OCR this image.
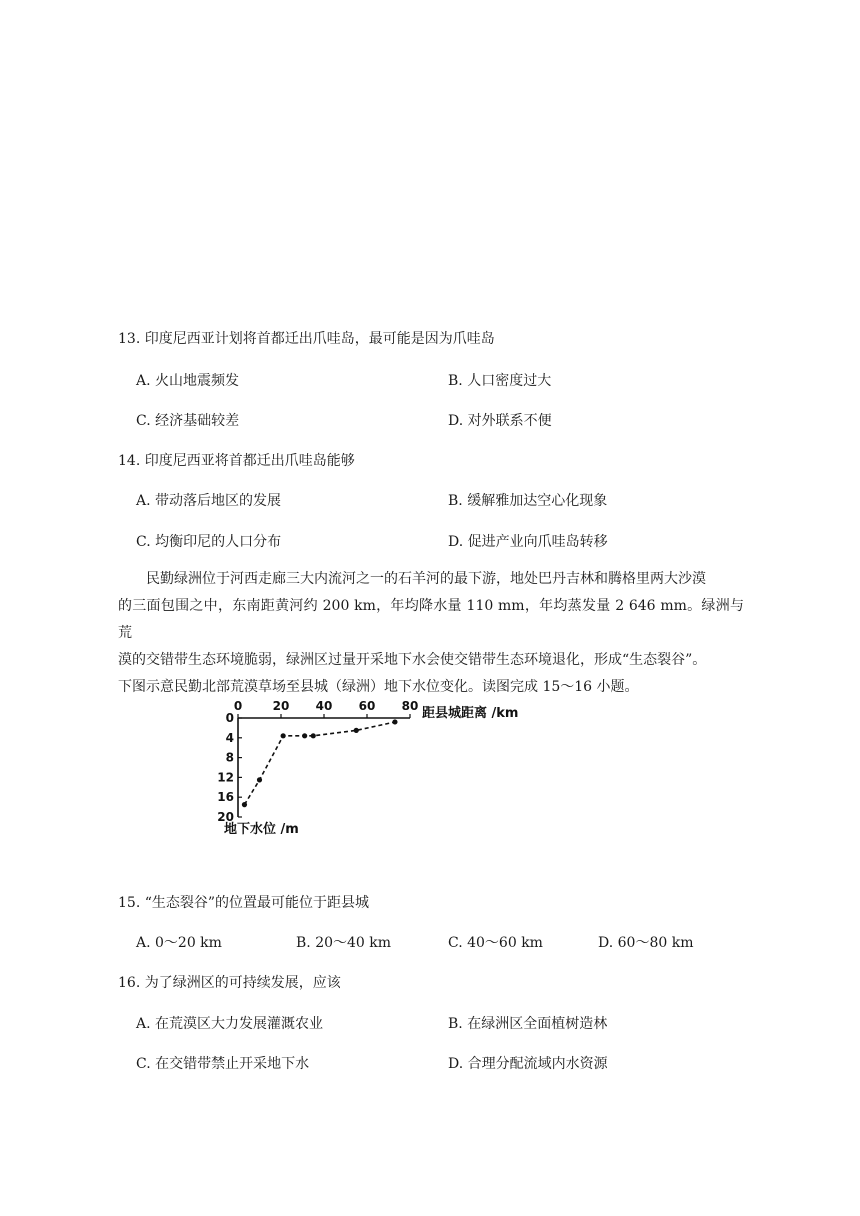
13. 印度尼西亚计划将首都迁出爪哇岛，最可能是因为爪哇岛
A. 火山地震频发	B. 人口密度过大
C. 经济基础较差	D. 对外联系不便
14. 印度尼西亚将首都迁出爪哇岛能够
A. 带动落后地区的发展	B. 缓解雅加达空心化现象
C. 均衡印尼的人口分布	D. 促进产业向爪哇岛转移

民勤绿洲位于河西走廊三大内流河之一的石羊河的最下游，地处巴丹吉林和腾格里两大沙漠

的三面包围之中，东南距黄河约 200 km，年均降水量 110 mm，年均蒸发量 2 646 mm。绿洲与荒

漠的交错带生态环境脆弱，绿洲区过量开采地下水会使交错带生态环境退化，形成“生态裂谷”。

下图示意民勤北部荒漠草场至县城（绿洲）地下水位变化。读图完成 15～16 小题。

0	20 40 60 80
0
4
8
12
16
20
距县城距离 /km
地下水位 /m
15. “生态裂谷”的位置最可能位于距县城
A. 0～20 km	B. 20～40 km	C. 40～60 km	D. 60～80 km
16. 为了绿洲区的可持续发展，应该
A. 在荒漠区大力发展灌溉农业	B. 在绿洲区全面植树造林
C. 在交错带禁止开采地下水	D. 合理分配流域内水资源
